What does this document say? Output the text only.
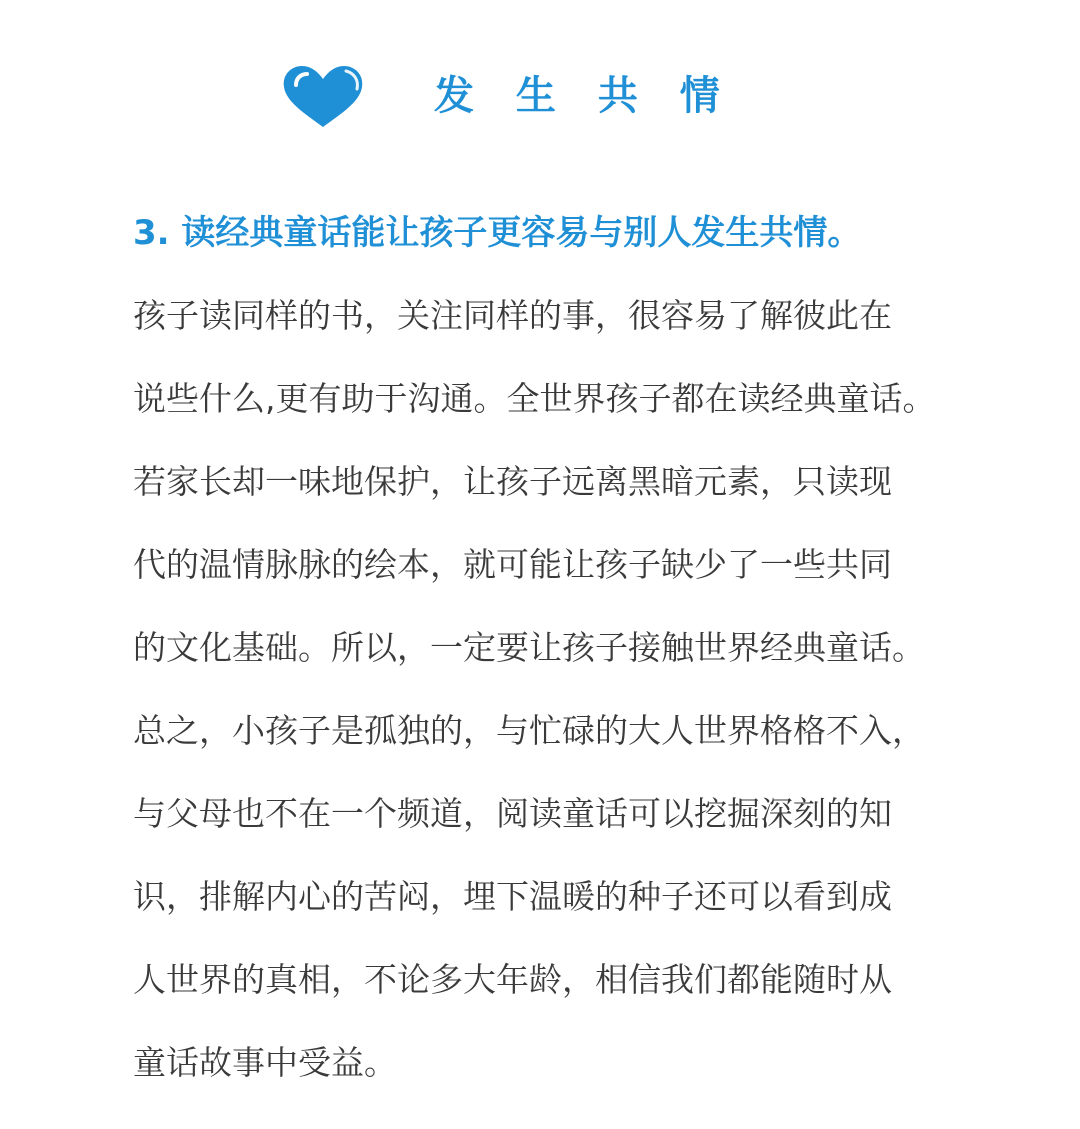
发 生 共 情
3. 读经典童话能让孩子更容易与别人发生共情。
孩子读同样的书，关注同样的事，很容易了解彼此在
说些什么,更有助于沟通。全世界孩子都在读经典童话。
若家长却一味地保护，让孩子远离黑暗元素，只读现
代的温情脉脉的绘本，就可能让孩子缺少了一些共同
的文化基础。所以，一定要让孩子接触世界经典童话。
总之，小孩子是孤独的，与忙碌的大人世界格格不入，
与父母也不在一个频道，阅读童话可以挖掘深刻的知
识，排解内心的苦闷，埋下温暖的种子还可以看到成
人世界的真相，不论多大年龄，相信我们都能随时从
童话故事中受益。
